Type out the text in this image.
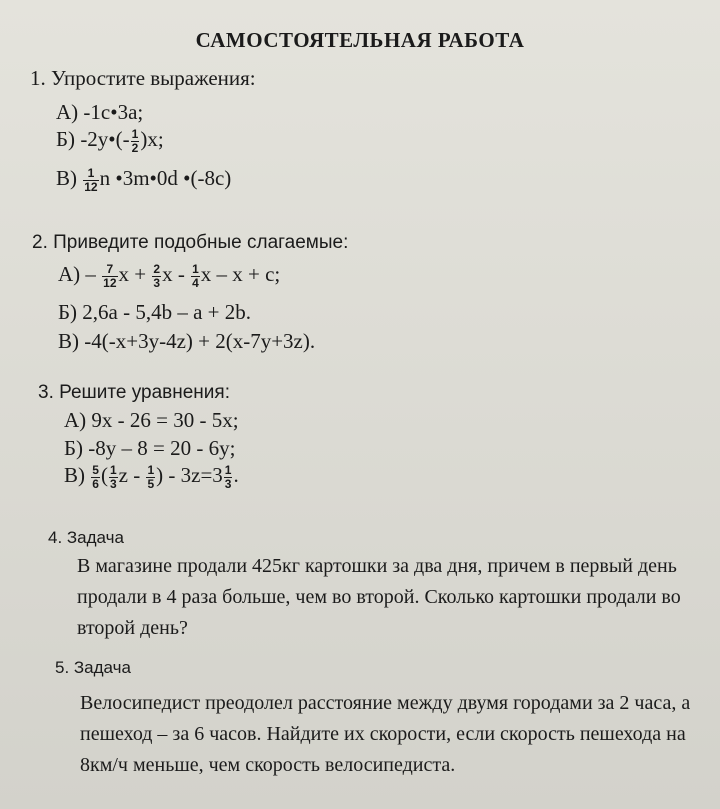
САМОСТОЯТЕЛЬНАЯ РАБОТА
1. Упростите выражения:
А) -1с•3а;
Б) -2у•(- $\frac{1}{2} )х$;
$В) \frac{1}{12}$ n •3m•0d •(-8c)
2. Приведите подобные слагаемые:
$А) - \frac{7}{12}$ $x + \frac{2}{3}$ x - $\frac{1}{4}$ x – x + c;
Б) 2,6a - 5,4b – a + 2b.
В) -4(-x+3y-4z) + 2(x-7y+3z).
3. Решите уравнения:
А) 9x - 26 = 30 - 5x;
Б) -8y – 8 = 20 - 6y;
$В) \frac{5}{6}$ ( $\frac{1}{3}$ z - $\frac{1}{5}$ ) - $3z=3 \frac{1}{3}$ .
4. Задача
В магазине продали 425кг картошки за два дня, причем в первый день
продали в 4 раза больше, чем во второй. Сколько картошки продали во
второй день?
5. Задача
Велосипедист преодолел расстояние между двумя городами за 2 часа, а
пешеход – за 6 часов. Найдите их скорости, если скорость пешехода на
8км/ч меньше, чем скорость велосипедиста.
